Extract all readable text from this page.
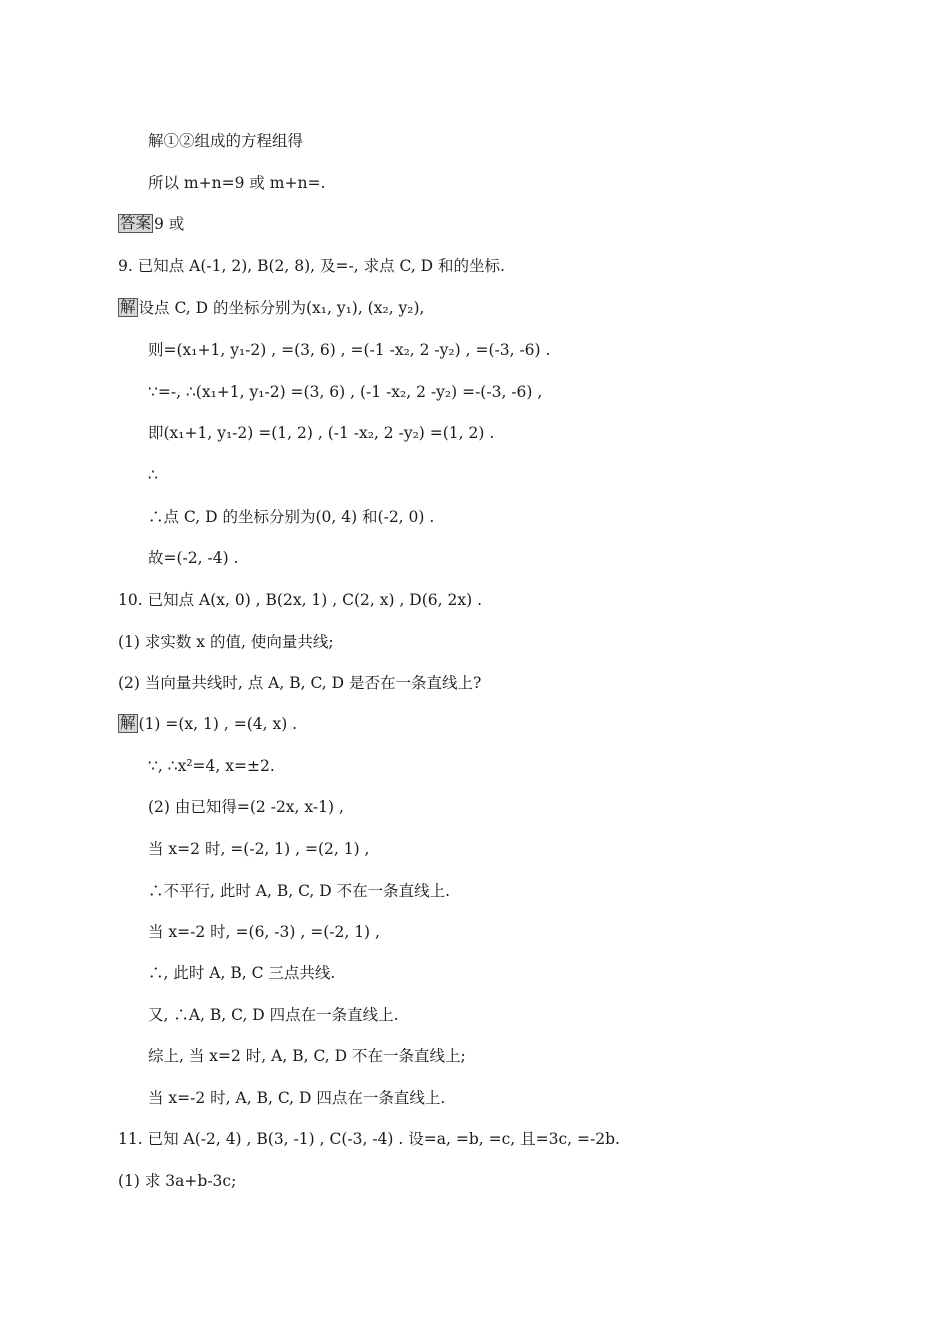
解①②组成的方程组得
所以 m+n=9 或 m+n=.
答案 9 或
9. 已知点 A(-1, 2), B(2, 8), 及=-, 求点 C, D 和的坐标.
解 设点 C, D 的坐标分别为(x₁, y₁), (x₂, y₂),
则=(x₁+1, y₁-2) , =(3, 6) , =(-1 -x₂, 2 -y₂) , =(-3, -6) .
∵=-, ∴(x₁+1, y₁-2) =(3, 6) , (-1 -x₂, 2 -y₂) =-(-3, -6) ,
即(x₁+1, y₁-2) =(1, 2) , (-1 -x₂, 2 -y₂) =(1, 2) .
∴
∴点 C, D 的坐标分别为(0, 4) 和(-2, 0) .
故=(-2, -4) .
10. 已知点 A(x, 0) , B(2x, 1) , C(2, x) , D(6, 2x) .
(1) 求实数 x 的值, 使向量共线;
(2) 当向量共线时, 点 A, B, C, D 是否在一条直线上?
解 (1) =(x, 1) , =(4, x) .
∵, ∴x²=4, x=±2.
(2) 由已知得=(2 -2x, x-1) ,
当 x=2 时, =(-2, 1) , =(2, 1) ,
∴不平行, 此时 A, B, C, D 不在一条直线上.
当 x=-2 时, =(6, -3) , =(-2, 1) ,
∴, 此时 A, B, C 三点共线.
又, ∴A, B, C, D 四点在一条直线上.
综上, 当 x=2 时, A, B, C, D 不在一条直线上;
当 x=-2 时, A, B, C, D 四点在一条直线上.
11. 已知 A(-2, 4) , B(3, -1) , C(-3, -4) . 设=a, =b, =c, 且=3c, =-2b.
(1) 求 3a+b-3c;
